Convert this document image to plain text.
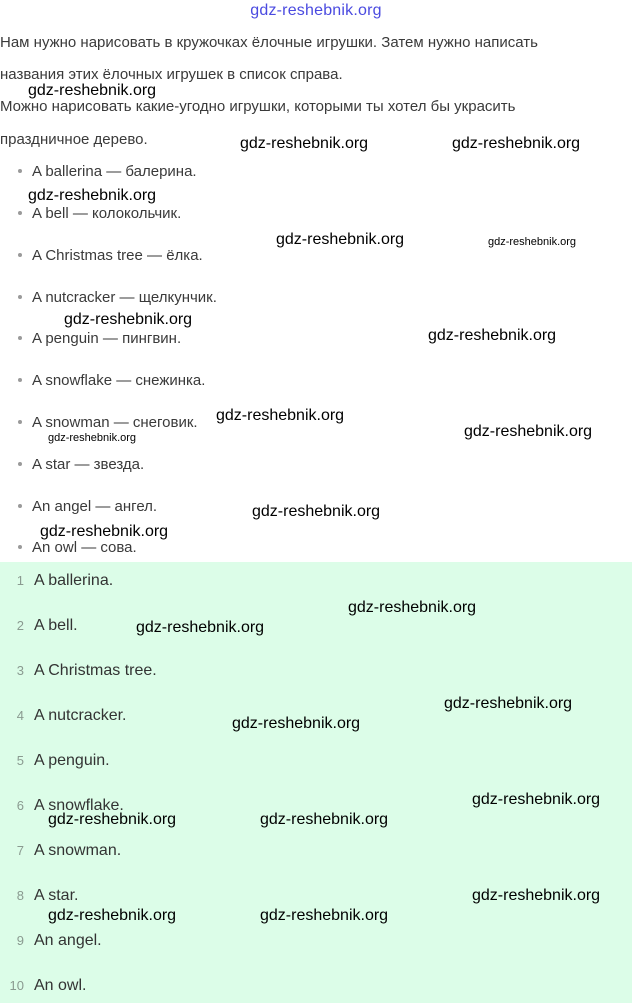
gdz-reshebnik.org

Нам нужно нарисовать в кружочках ёлочные игрушки. Затем нужно написать

названия этих ёлочных игрушек в список справа.

Можно нарисовать какие-угодно игрушки, которыми ты хотел бы украсить

праздничное дерево.

A ballerina — балерина.
A bell — колокольчик.
A Christmas tree — ёлка.
A nutcracker — щелкунчик.
A penguin — пингвин.
A snowflake — снежинка.
A snowman — снеговик.
A star — звезда.
An angel — ангел.
An owl — сова.
1 A ballerina.
2 A bell.
3 A Christmas tree.
4 A nutcracker.
5 A penguin.
6 A snowflake.
7 A snowman.
8 A star.
9 An angel.
10 An owl.
gdz-reshebnik.org
gdz-reshebnik.org	gdz-reshebnik.org
gdz-reshebnik.org
gdz-reshebnik.org	gdz-reshebnik.org
gdz-reshebnik.org
gdz-reshebnik.org
gdz-reshebnik.org
gdz-reshebnik.org	gdz-reshebnik.org
gdz-reshebnik.org
gdz-reshebnik.org
gdz-reshebnik.org
gdz-reshebnik.org
gdz-reshebnik.org
gdz-reshebnik.org
gdz-reshebnik.org
gdz-reshebnik.org	gdz-reshebnik.org
gdz-reshebnik.org
gdz-reshebnik.org	gdz-reshebnik.org
